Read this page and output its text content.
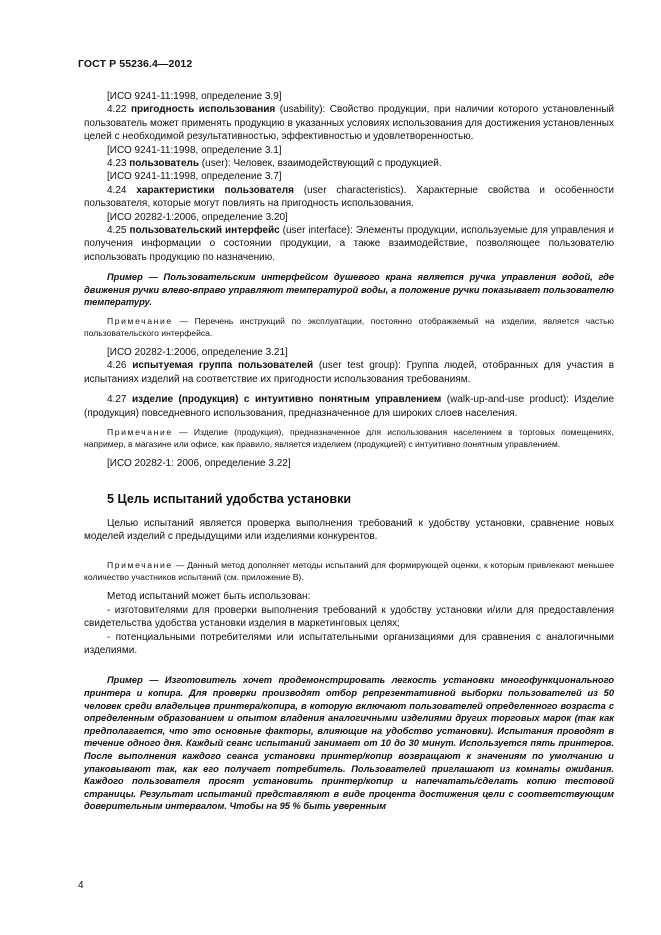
ГОСТ Р 55236.4—2012

[ИСО 9241-11:1998, определение 3.9]

4.22 пригодность использования (usability): Свойство продукции, при наличии которого установленный пользователь может применять продукцию в указанных условиях использования для достижения установленных целей с необходимой результативностью, эффективностью и удовлетворенностью.

[ИСО 9241-11:1998, определение 3.1]

4.23 пользователь (user): Человек, взаимодействующий с продукцией.

[ИСО 9241-11:1998, определение 3.7]

4.24 характеристики пользователя (user characteristics). Характерные свойства и особенности пользователя, которые могут повлиять на пригодность использования.

[ИСО 20282-1:2006, определение 3.20]

4.25 пользовательский интерфейс (user interface): Элементы продукции, используемые для управления и получения информации о состоянии продукции, а также взаимодействие, позволяющее пользователю использовать продукцию по назначению.

Пример — Пользовательским интерфейсом душевого крана является ручка управления водой, где движения ручки влево-вправо управляют температурой воды, а положение ручки показывает пользователю температуру.

Примечание — Перечень инструкций по эксплуатации, постоянно отображаемый на изделии, является частью пользовательского интерфейса.

[ИСО 20282-1:2006, определение 3.21]

4.26 испытуемая группа пользователей (user test group): Группа людей, отобранных для участия в испытаниях изделий на соответствие их пригодности использования требованиям.

4.27 изделие (продукция) с интуитивно понятным управлением (walk-up-and-use product): Изделие (продукция) повседневного использования, предназначенное для широких слоев населения.

Примечание — Изделие (продукция), предназначенное для использования населением в торговых помещениях, например, в магазине или офисе, как правило, является изделием (продукцией) с интуитивно понятным управлением.

[ИСО 20282-1: 2006, определение 3.22]

5 Цель испытаний удобства установки

Целью испытаний является проверка выполнения требований к удобству установки, сравнение новых моделей изделий с предыдущими или изделиями конкурентов.

Примечание — Данный метод дополняет методы испытаний для формирующей оценки, к которым привлекают меньшее количество участников испытаний (см. приложение В).

Метод испытаний может быть использован:

- изготовителями для проверки выполнения требований к удобству установки и/или для предоставления свидетельства удобства установки изделия в маркетинговых целях;

- потенциальными потребителями или испытательными организациями для сравнения с аналогичными изделиями.

Пример — Изготовитель хочет продемонстрировать легкость установки многофункционального принтера и копира. Для проверки производят отбор репрезентативной выборки пользователей из 50 человек среди владельцев принтера/копира, в которую включают пользователей определенного возраста с определенным образованием и опытом владения аналогичными изделиями других торговых марок (так как предполагается, что это основные факторы, влияющие на удобство установки). Испытания проводят в течение одного дня. Каждый сеанс испытаний занимает от 10 до 30 минут. Используется пять принтеров. После выполнения каждого сеанса установки принтер/копир возвращают к значениям по умолчанию и упаковывают так, как его получает потребитель. Пользователей приглашают из комнаты ожидания. Каждого пользователя просят установить принтер/копир и напечатать/сделать копию тестовой страницы. Результат испытаний представляют в виде процента достижения цели с соответствующим доверительным интервалом. Чтобы на 95 % быть уверенным

4
